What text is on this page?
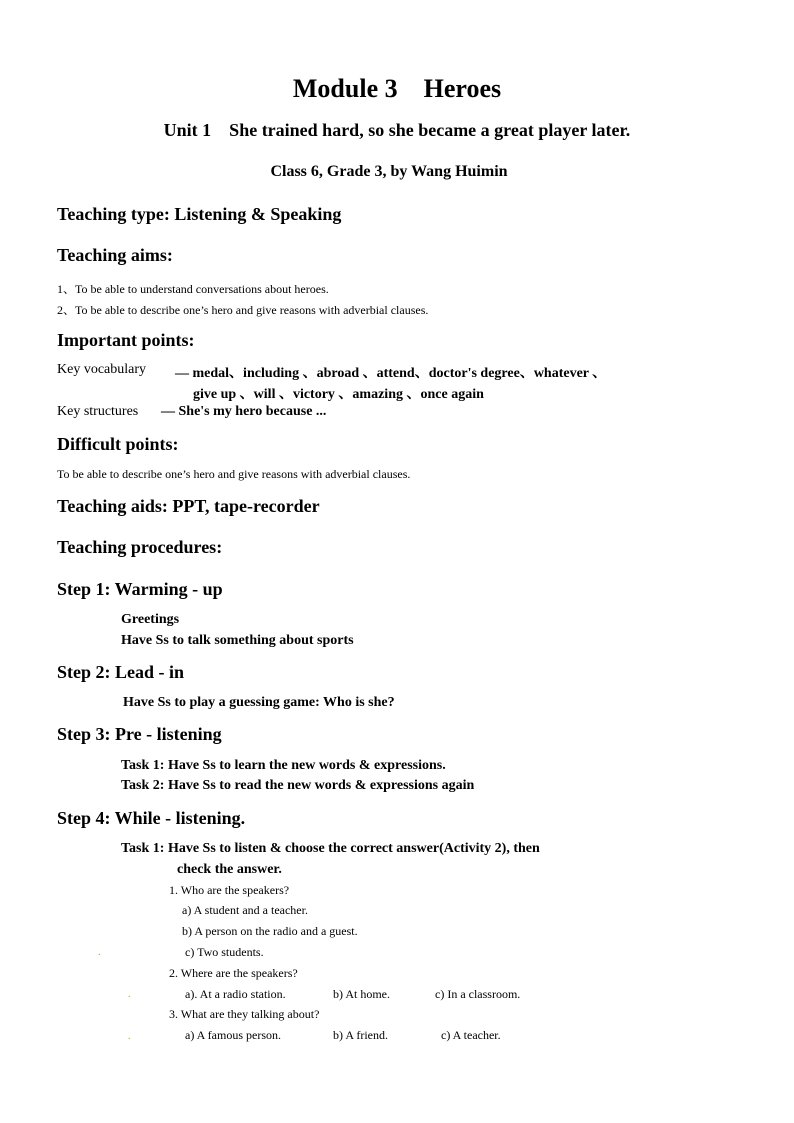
Module 3    Heroes
Unit 1    She trained hard, so she became a great player later.
Class 6, Grade 3, by Wang Huimin
Teaching type: Listening & Speaking
Teaching aims:
1、To be able to understand conversations about heroes.
2、To be able to describe one’s hero and give reasons with adverbial clauses.
Important points:
Key vocabulary — medal、including 、abroad 、attend、doctor's degree、whatever 、
give up 、will 、victory 、amazing 、once again
Key structures — She's my hero because ...
Difficult points:
To be able to describe one’s hero and give reasons with adverbial clauses.
Teaching aids: PPT, tape-recorder
Teaching procedures:
Step 1: Warming - up
Greetings
Have Ss to talk something about sports
Step 2: Lead - in
Have Ss to play a guessing game: Who is she?
Step 3: Pre - listening
Task 1: Have Ss to learn the new words & expressions.
Task 2: Have Ss to read the new words & expressions again
Step 4: While - listening.
Task 1: Have Ss to listen & choose the correct answer(Activity 2), then
check the answer.
1. Who are the speakers?
a) A student and a teacher.
b) A person on the radio and a guest.
.	c) Two students.
2. Where are the speakers?
.	a). At a radio station.	b) At home.	c) In a classroom.
3. What are they talking about?
.	a) A famous person.	b) A friend.	c) A teacher.
